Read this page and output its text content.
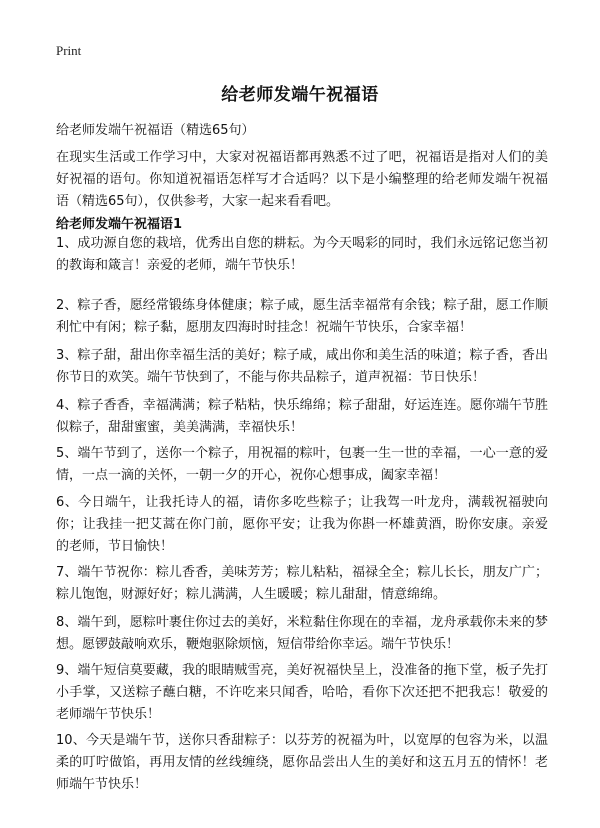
Print
给老师发端午祝福语
给老师发端午祝福语（精选65句）
在现实生活或工作学习中，大家对祝福语都再熟悉不过了吧，祝福语是指对人们的美好祝福的语句。你知道祝福语怎样写才合适吗？以下是小编整理的给老师发端午祝福语（精选65句），仅供参考，大家一起来看看吧。
给老师发端午祝福语1
1、成功源自您的栽培，优秀出自您的耕耘。为今天喝彩的同时，我们永远铭记您当初的教诲和箴言！亲爱的老师，端午节快乐！
2、粽子香，愿经常锻练身体健康；粽子咸，愿生活幸福常有余钱；粽子甜，愿工作顺利忙中有闲；粽子黏，愿朋友四海时时挂念！祝端午节快乐，合家幸福！
3、粽子甜，甜出你幸福生活的美好；粽子咸，咸出你和美生活的味道；粽子香，香出你节日的欢笑。端午节快到了，不能与你共品粽子，道声祝福：节日快乐！
4、粽子香香，幸福满满；粽子粘粘，快乐绵绵；粽子甜甜，好运连连。愿你端午节胜似粽子，甜甜蜜蜜，美美满满，幸福快乐！
5、端午节到了，送你一个粽子，用祝福的粽叶，包裹一生一世的幸福，一心一意的爱情，一点一滴的关怀，一朝一夕的开心，祝你心想事成，阖家幸福！
6、今日端午，让我托诗人的福，请你多吃些粽子；让我驾一叶龙舟，满载祝福驶向你；让我挂一把艾蒿在你门前，愿你平安；让我为你斟一杯雄黄酒，盼你安康。亲爱的老师，节日愉快！
7、端午节祝你：粽儿香香，美味芳芳；粽儿粘粘，福禄全全；粽儿长长，朋友广广；粽儿饱饱，财源好好；粽儿满满，人生暖暖；粽儿甜甜，情意绵绵。
8、端午到，愿粽叶裹住你过去的美好，米粒黏住你现在的幸福，龙舟承载你未来的梦想。愿锣鼓敲响欢乐，鞭炮驱除烦恼，短信带给你幸运。端午节快乐！
9、端午短信莫要藏，我的眼睛贼雪亮，美好祝福快呈上，没准备的拖下堂，板子先打小手掌，又送粽子蘸白糖，不许吃来只闻香，哈哈，看你下次还把不把我忘！敬爱的老师端午节快乐！
10、今天是端午节，送你只香甜粽子：以芬芳的祝福为叶，以宽厚的包容为米，以温柔的叮咛做馅，再用友情的丝线缠绕，愿你品尝出人生的美好和这五月五的情怀！老师端午节快乐！
